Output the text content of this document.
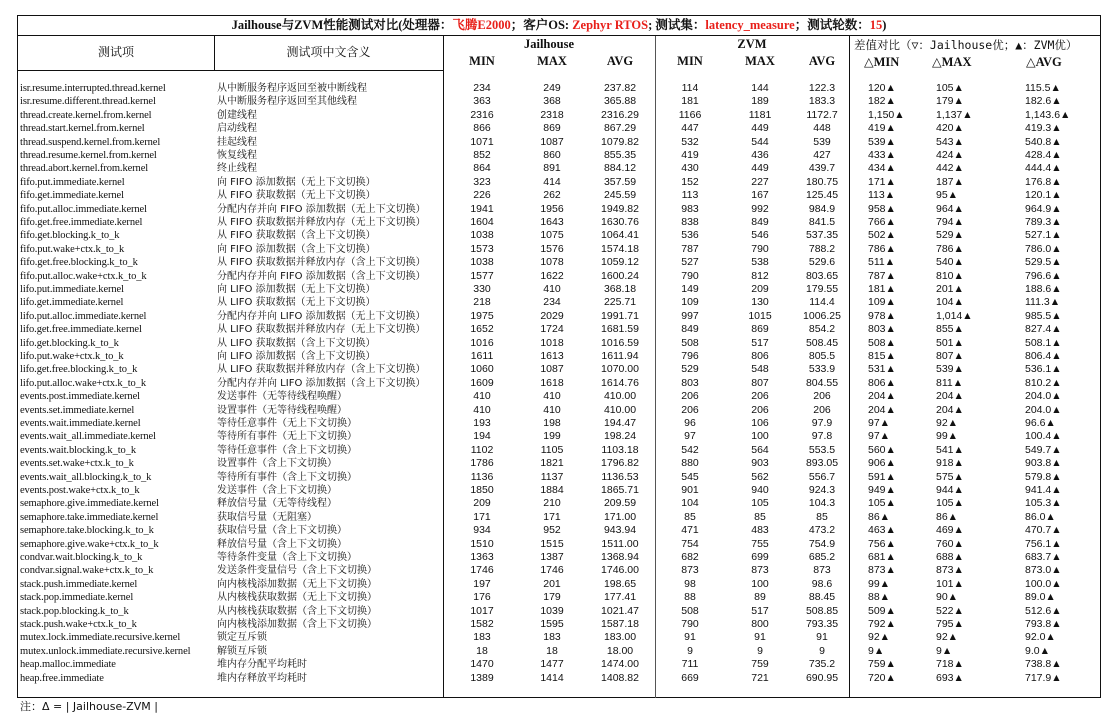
Jailhouse与ZVM性能测试对比(处理器：飞腾E2000；客户OS: Zephyr RTOS; 测试集：latency_measure；测试轮数：15)
测试项	测试项中文含义
Jailhouse	ZVM	差值对比（▽：Jailhouse优；▲：ZVM优）
MIN	MAX	AVG	MIN	MAX	AVG	△MIN	△MAX	△AVG
isr.resume.interrupted.thread.kernel	从中断服务程序返回至被中断线程	234	249	237.82	114	144	122.3	120▲	105▲	115.5▲
isr.resume.different.thread.kernel	从中断服务程序返回至其他线程	363	368	365.88	181	189	183.3	182▲	179▲	182.6▲
thread.create.kernel.from.kernel	创建线程	2316	2318	2316.29	1166	1181	1172.7	1,150▲	1,137▲	1,143.6▲
thread.start.kernel.from.kernel	启动线程	866	869	867.29	447	449	448	419▲	420▲	419.3▲
thread.suspend.kernel.from.kernel	挂起线程	1071	1087	1079.82	532	544	539	539▲	543▲	540.8▲
thread.resume.kernel.from.kernel	恢复线程	852	860	855.35	419	436	427	433▲	424▲	428.4▲
thread.abort.kernel.from.kernel	终止线程	864	891	884.12	430	449	439.7	434▲	442▲	444.4▲
fifo.put.immediate.kernel	向 FIFO 添加数据（无上下文切换）	323	414	357.59	152	227	180.75	171▲	187▲	176.8▲
fifo.get.immediate.kernel	从 FIFO 获取数据（无上下文切换）	226	262	245.59	113	167	125.45	113▲	95▲	120.1▲
fifo.put.alloc.immediate.kernel	分配内存并向 FIFO 添加数据（无上下文切换）	1941	1956	1949.82	983	992	984.9	958▲	964▲	964.9▲
fifo.get.free.immediate.kernel	从 FIFO 获取数据并释放内存（无上下文切换）	1604	1643	1630.76	838	849	841.5	766▲	794▲	789.3▲
fifo.get.blocking.k_to_k	从 FIFO 获取数据（含上下文切换）	1038	1075	1064.41	536	546	537.35	502▲	529▲	527.1▲
fifo.put.wake+ctx.k_to_k	向 FIFO 添加数据（含上下文切换）	1573	1576	1574.18	787	790	788.2	786▲	786▲	786.0▲
fifo.get.free.blocking.k_to_k	从 FIFO 获取数据并释放内存（含上下文切换）	1038	1078	1059.12	527	538	529.6	511▲	540▲	529.5▲
fifo.put.alloc.wake+ctx.k_to_k	分配内存并向 FIFO 添加数据（含上下文切换）	1577	1622	1600.24	790	812	803.65	787▲	810▲	796.6▲
lifo.put.immediate.kernel	向 LIFO 添加数据（无上下文切换）	330	410	368.18	149	209	179.55	181▲	201▲	188.6▲
lifo.get.immediate.kernel	从 LIFO 获取数据（无上下文切换）	218	234	225.71	109	130	114.4	109▲	104▲	111.3▲
lifo.put.alloc.immediate.kernel	分配内存并向 LIFO 添加数据（无上下文切换）	1975	2029	1991.71	997	1015	1006.25	978▲	1,014▲	985.5▲
lifo.get.free.immediate.kernel	从 LIFO 获取数据并释放内存（无上下文切换）	1652	1724	1681.59	849	869	854.2	803▲	855▲	827.4▲
lifo.get.blocking.k_to_k	从 LIFO 获取数据（含上下文切换）	1016	1018	1016.59	508	517	508.45	508▲	501▲	508.1▲
lifo.put.wake+ctx.k_to_k	向 LIFO 添加数据（含上下文切换）	1611	1613	1611.94	796	806	805.5	815▲	807▲	806.4▲
lifo.get.free.blocking.k_to_k	从 LIFO 获取数据并释放内存（含上下文切换）	1060	1087	1070.00	529	548	533.9	531▲	539▲	536.1▲
lifo.put.alloc.wake+ctx.k_to_k	分配内存并向 LIFO 添加数据（含上下文切换）	1609	1618	1614.76	803	807	804.55	806▲	811▲	810.2▲
events.post.immediate.kernel	发送事件（无等待线程唤醒）	410	410	410.00	206	206	206	204▲	204▲	204.0▲
events.set.immediate.kernel	设置事件（无等待线程唤醒）	410	410	410.00	206	206	206	204▲	204▲	204.0▲
events.wait.immediate.kernel	等待任意事件（无上下文切换）	193	198	194.47	96	106	97.9	97▲	92▲	96.6▲
events.wait_all.immediate.kernel	等待所有事件（无上下文切换）	194	199	198.24	97	100	97.8	97▲	99▲	100.4▲
events.wait.blocking.k_to_k	等待任意事件（含上下文切换）	1102	1105	1103.18	542	564	553.5	560▲	541▲	549.7▲
events.set.wake+ctx.k_to_k	设置事件（含上下文切换）	1786	1821	1796.82	880	903	893.05	906▲	918▲	903.8▲
events.wait_all.blocking.k_to_k	等待所有事件（含上下文切换）	1136	1137	1136.53	545	562	556.7	591▲	575▲	579.8▲
events.post.wake+ctx.k_to_k	发送事件（含上下文切换）	1850	1884	1865.71	901	940	924.3	949▲	944▲	941.4▲
semaphore.give.immediate.kernel	释放信号量（无等待线程）	209	210	209.59	104	105	104.3	105▲	105▲	105.3▲
semaphore.take.immediate.kernel	获取信号量（无阻塞）	171	171	171.00	85	85	85	86▲	86▲	86.0▲
semaphore.take.blocking.k_to_k	获取信号量（含上下文切换）	934	952	943.94	471	483	473.2	463▲	469▲	470.7▲
semaphore.give.wake+ctx.k_to_k	释放信号量（含上下文切换）	1510	1515	1511.00	754	755	754.9	756▲	760▲	756.1▲
condvar.wait.blocking.k_to_k	等待条件变量（含上下文切换）	1363	1387	1368.94	682	699	685.2	681▲	688▲	683.7▲
condvar.signal.wake+ctx.k_to_k	发送条件变量信号（含上下文切换）	1746	1746	1746.00	873	873	873	873▲	873▲	873.0▲
stack.push.immediate.kernel	向内核栈添加数据（无上下文切换）	197	201	198.65	98	100	98.6	99▲	101▲	100.0▲
stack.pop.immediate.kernel	从内核栈获取数据（无上下文切换）	176	179	177.41	88	89	88.45	88▲	90▲	89.0▲
stack.pop.blocking.k_to_k	从内核栈获取数据（含上下文切换）	1017	1039	1021.47	508	517	508.85	509▲	522▲	512.6▲
stack.push.wake+ctx.k_to_k	向内核栈添加数据（含上下文切换）	1582	1595	1587.18	790	800	793.35	792▲	795▲	793.8▲
mutex.lock.immediate.recursive.kernel	锁定互斥锁	183	183	183.00	91	91	91	92▲	92▲	92.0▲
mutex.unlock.immediate.recursive.kernel	解锁互斥锁	18	18	18.00	9	9	9	9▲	9▲	9.0▲
heap.malloc.immediate	堆内存分配平均耗时	1470	1477	1474.00	711	759	735.2	759▲	718▲	738.8▲
heap.free.immediate	堆内存释放平均耗时	1389	1414	1408.82	669	721	690.95	720▲	693▲	717.9▲
注：Δ = | Jailhouse-ZVM |
